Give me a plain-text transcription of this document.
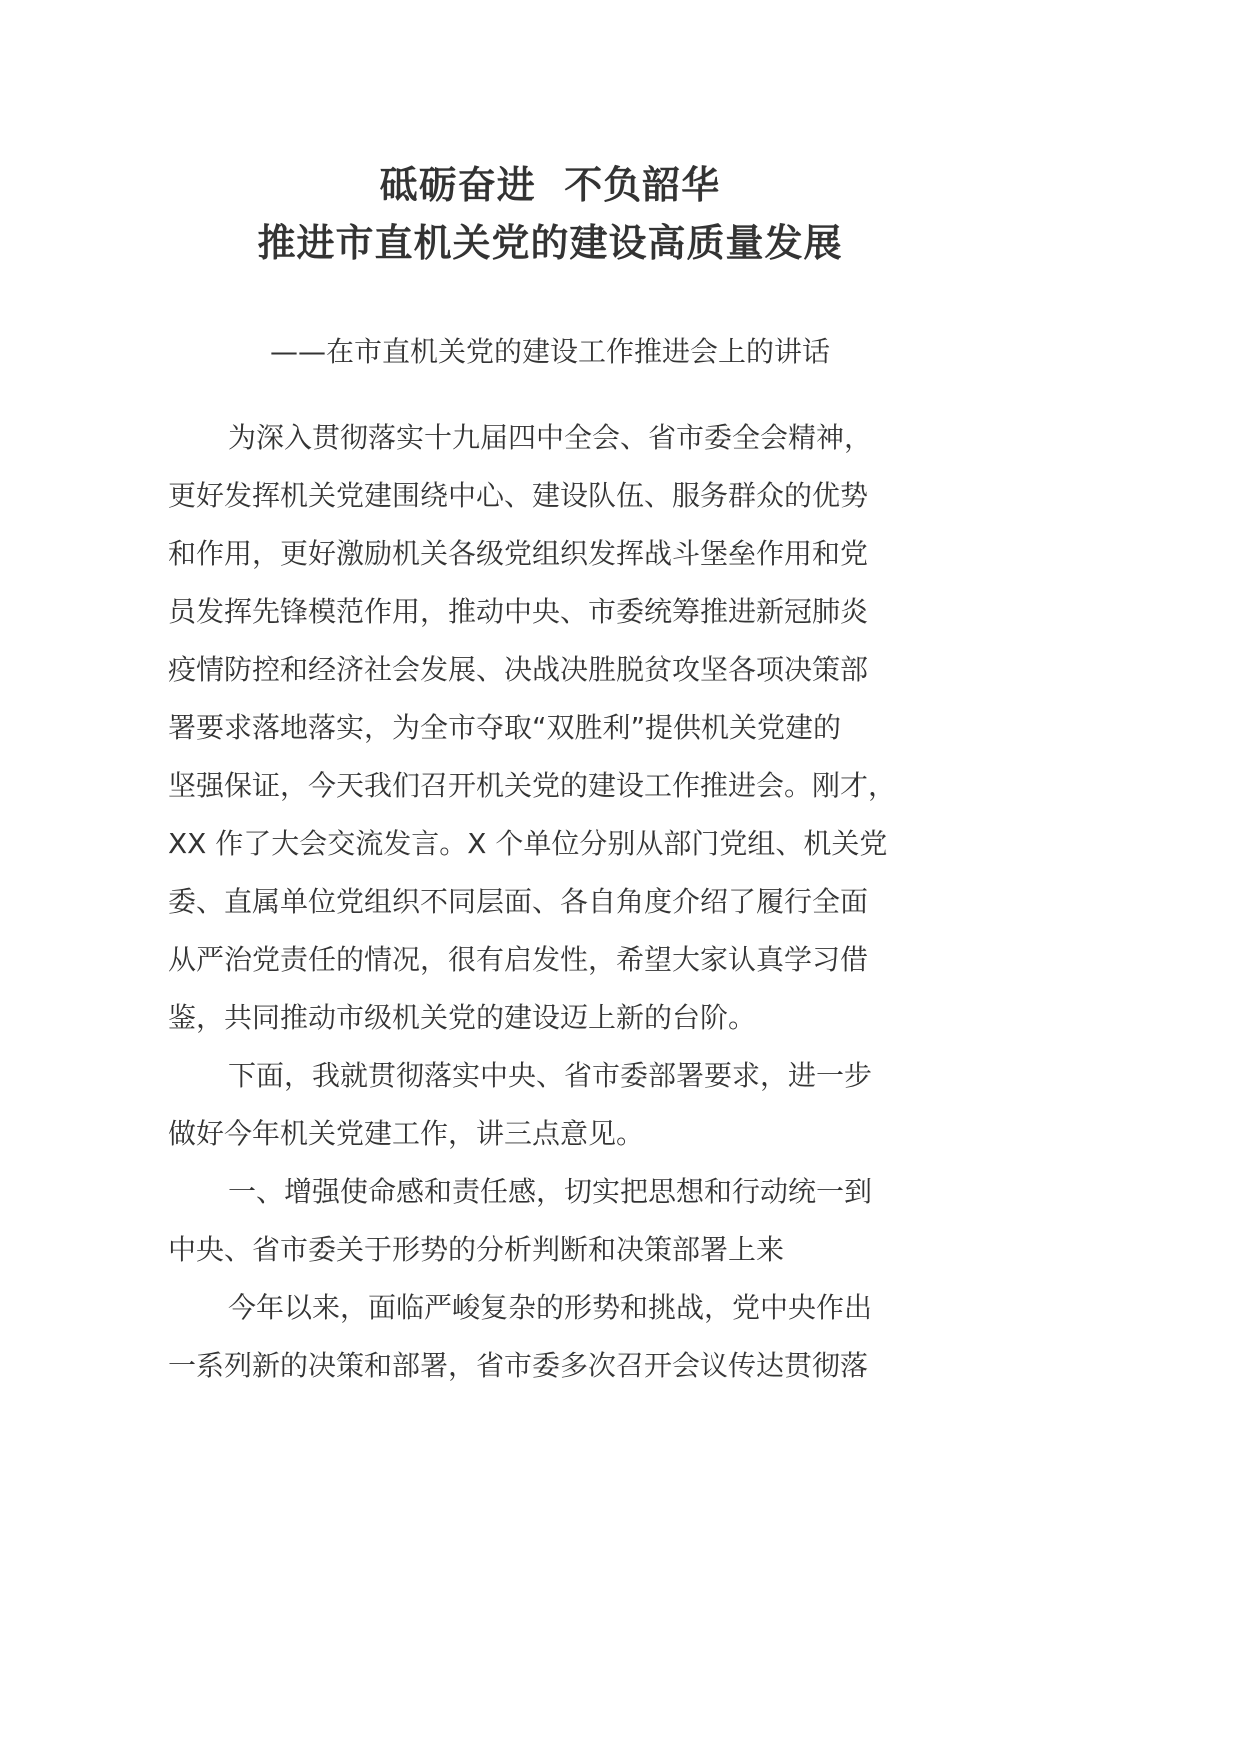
砥砺奋进  不负韶华
推进市直机关党的建设高质量发展
——在市直机关党的建设工作推进会上的讲话
为深入贯彻落实十九届四中全会、省市委全会精神，
更好发挥机关党建围绕中心、建设队伍、服务群众的优势
和作用，更好激励机关各级党组织发挥战斗堡垒作用和党
员发挥先锋模范作用，推动中央、市委统筹推进新冠肺炎
疫情防控和经济社会发展、决战决胜脱贫攻坚各项决策部
署要求落地落实，为全市夺取“双胜利”提供机关党建的
坚强保证，今天我们召开机关党的建设工作推进会。刚才，
XX 作了大会交流发言。X 个单位分别从部门党组、机关党
委、直属单位党组织不同层面、各自角度介绍了履行全面
从严治党责任的情况，很有启发性，希望大家认真学习借
鉴，共同推动市级机关党的建设迈上新的台阶。
下面，我就贯彻落实中央、省市委部署要求，进一步
做好今年机关党建工作，讲三点意见。
一、增强使命感和责任感，切实把思想和行动统一到
中央、省市委关于形势的分析判断和决策部署上来
今年以来，面临严峻复杂的形势和挑战，党中央作出
一系列新的决策和部署，省市委多次召开会议传达贯彻落
